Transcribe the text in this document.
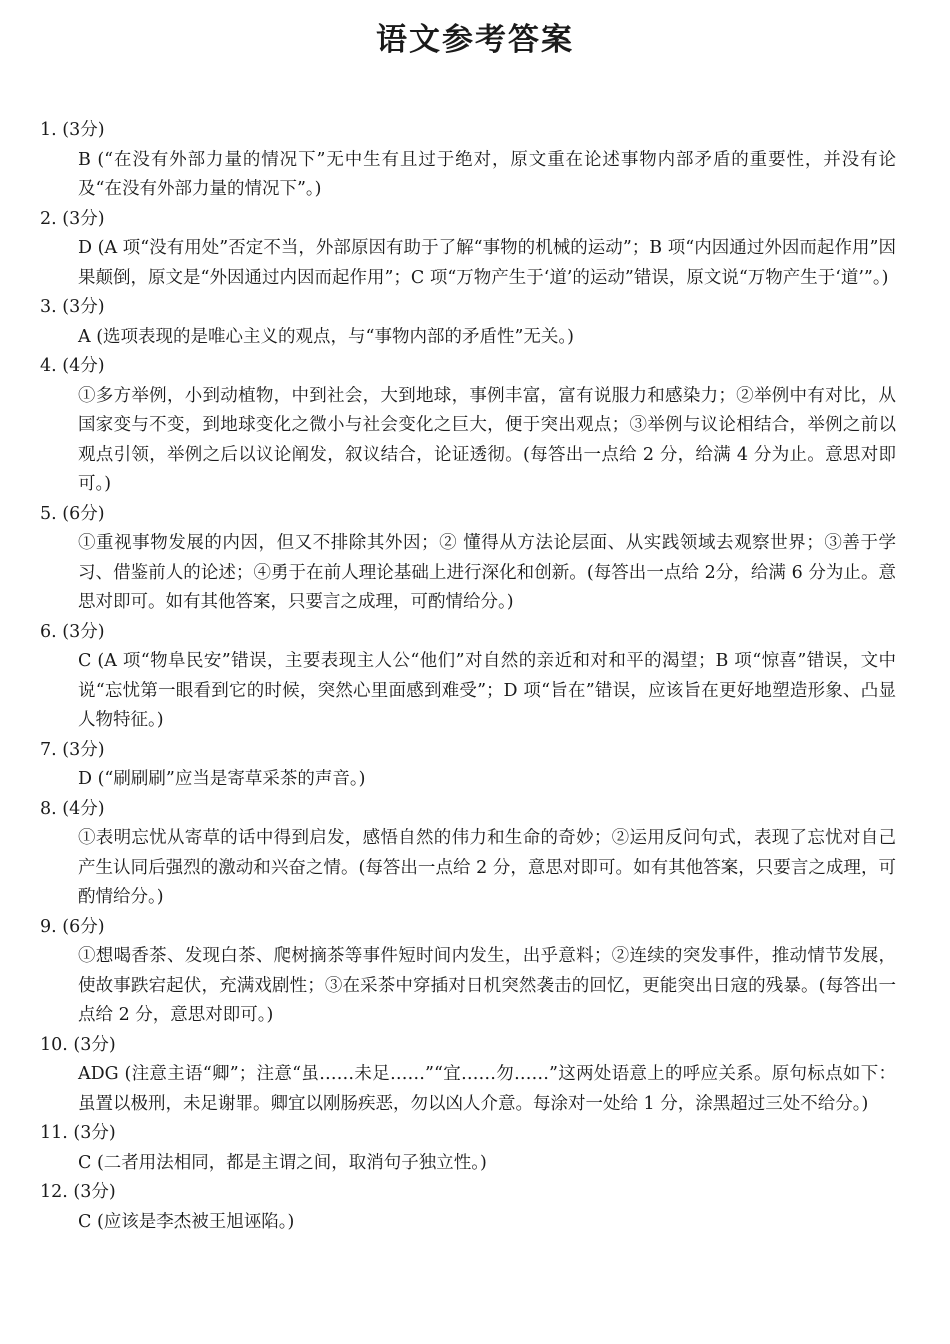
语文参考答案
1. (3分)
B (“在没有外部力量的情况下”无中生有且过于绝对，原文重在论述事物内部矛盾的重要性，并没有论及“在没有外部力量的情况下”。)
2. (3分)
D (A 项“没有用处”否定不当，外部原因有助于了解“事物的机械的运动”；B 项“内因通过外因而起作用”因果颠倒，原文是“外因通过内因而起作用”；C 项“万物产生于‘道’的运动”错误，原文说“万物产生于‘道’”。)
3. (3分)
A (选项表现的是唯心主义的观点，与“事物内部的矛盾性”无关。)
4. (4分)
①多方举例，小到动植物，中到社会，大到地球，事例丰富，富有说服力和感染力；②举例中有对比，从国家变与不变，到地球变化之微小与社会变化之巨大，便于突出观点；③举例与议论相结合，举例之前以观点引领，举例之后以议论阐发，叙议结合，论证透彻。(每答出一点给 2 分，给满 4 分为止。意思对即可。)
5. (6分)
①重视事物发展的内因，但又不排除其外因；② 懂得从方法论层面、从实践领域去观察世界；③善于学习、借鉴前人的论述；④勇于在前人理论基础上进行深化和创新。(每答出一点给 2分，给满 6 分为止。意思对即可。如有其他答案，只要言之成理，可酌情给分。)
6. (3分)
C (A 项“物阜民安”错误，主要表现主人公“他们”对自然的亲近和对和平的渴望；B 项“惊喜”错误，文中说“忘忧第一眼看到它的时候，突然心里面感到难受”；D 项“旨在”错误，应该旨在更好地塑造形象、凸显人物特征。)
7. (3分)
D (“刷刷刷”应当是寄草采茶的声音。)
8. (4分)
①表明忘忧从寄草的话中得到启发，感悟自然的伟力和生命的奇妙；②运用反问句式，表现了忘忧对自己产生认同后强烈的激动和兴奋之情。(每答出一点给 2 分，意思对即可。如有其他答案，只要言之成理，可酌情给分。)
9. (6分)
①想喝香茶、发现白茶、爬树摘茶等事件短时间内发生，出乎意料；②连续的突发事件，推动情节发展，使故事跌宕起伏，充满戏剧性；③在采茶中穿插对日机突然袭击的回忆，更能突出日寇的残暴。(每答出一点给 2 分，意思对即可。)
10. (3分)
ADG (注意主语“卿”；注意“虽……未足……”“宜……勿……”这两处语意上的呼应关系。原句标点如下：虽置以极刑，未足谢罪。卿宜以刚肠疾恶，勿以凶人介意。每涂对一处给 1 分，涂黑超过三处不给分。)
11. (3分)
C (二者用法相同，都是主谓之间，取消句子独立性。)
12. (3分)
C (应该是李杰被王旭诬陷。)
